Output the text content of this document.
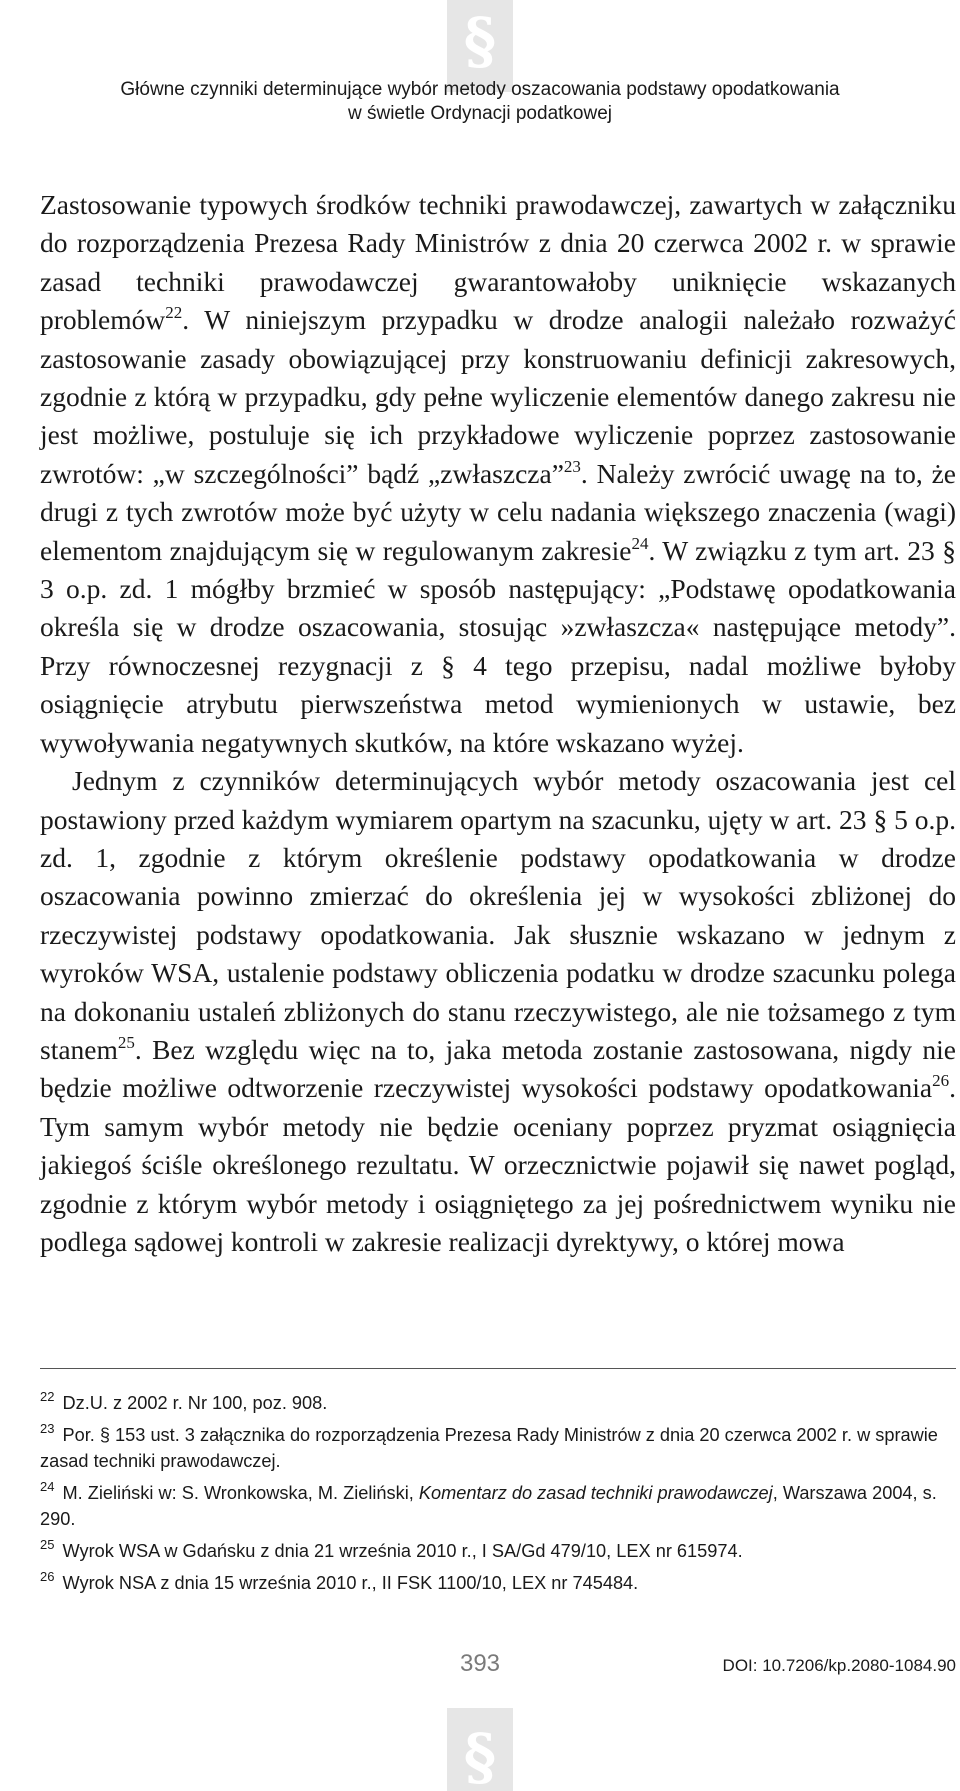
§
Główne czynniki determinujące wybór metody oszacowania podstawy opodatkowania
w świetle Ordynacji podatkowej

Zastosowanie typowych środków techniki prawodawczej, zawartych w załączniku do rozporządzenia Prezesa Rady Ministrów z dnia 20 czerwca 2002 r. w sprawie zasad techniki prawodawczej gwarantowałoby uniknięcie wskazanych problemów$^{22}$. W niniejszym przypadku w drodze analogii należało rozważyć zastosowanie zasady obowiązującej przy konstruowaniu definicji zakresowych, zgodnie z którą w przypadku, gdy pełne wyliczenie elementów danego zakresu nie jest możliwe, postuluje się ich przykładowe wyliczenie poprzez zastosowanie zwrotów: „w szczególności” bądź „zwłaszcza”$^{23}$. Należy zwrócić uwagę na to, że drugi z tych zwrotów może być użyty w celu nadania większego znaczenia (wagi) elementom znajdującym się w regulowanym zakresie$^{24}$. W związku z tym art. 23 § 3 o.p. zd. 1 mógłby brzmieć w sposób następujący: „Podstawę opodatkowania określa się w drodze oszacowania, stosując »zwłaszcza« następujące metody”. Przy równoczesnej rezygnacji z § 4 tego przepisu, nadal możliwe byłoby osiągnięcie atrybutu pierwszeństwa metod wymienionych w ustawie, bez wywoływania negatywnych skutków, na które wskazano wyżej.

Jednym z czynników determinujących wybór metody oszacowania jest cel postawiony przed każdym wymiarem opartym na szacunku, ujęty w art. 23 § 5 o.p. zd. 1, zgodnie z którym określenie podstawy opodatkowania w drodze oszacowania powinno zmierzać do określenia jej w wysokości zbliżonej do rzeczywistej podstawy opodatkowania. Jak słusznie wskazano w jednym z wyroków WSA, ustalenie podstawy obliczenia podatku w drodze szacunku polega na dokonaniu ustaleń zbliżonych do stanu rzeczywistego, ale nie tożsamego z tym stanem$^{25}$. Bez względu więc na to, jaka metoda zostanie zastosowana, nigdy nie będzie możliwe odtworzenie rzeczywistej wysokości podstawy opodatkowania$^{26}$. Tym samym wybór metody nie będzie oceniany poprzez pryzmat osiągnięcia jakiegoś ściśle określonego rezultatu. W orzecznictwie pojawił się nawet pogląd, zgodnie z którym wybór metody i osiągniętego za jej pośrednictwem wyniku nie podlega sądowej kontroli w zakresie realizacji dyrektywy, o której mowa

$^{22}$ Dz.U. z 2002 r. Nr 100, poz. 908.

$^{23}$ Por. § 153 ust. 3 załącznika do rozporządzenia Prezesa Rady Ministrów z dnia 20 czerwca 2002 r. w sprawie zasad techniki prawodawczej.

$^{24}$ M. Zieliński w: S. Wronkowska, M. Zieliński, Komentarz do zasad techniki prawodawczej, Warszawa 2004, s. 290.

$^{25}$ Wyrok WSA w Gdańsku z dnia 21 września 2010 r., I SA/Gd 479/10, LEX nr 615974.

$^{26}$ Wyrok NSA z dnia 15 września 2010 r., II FSK 1100/10, LEX nr 745484.

393	DOI: 10.7206/kp.2080-1084.90
§
